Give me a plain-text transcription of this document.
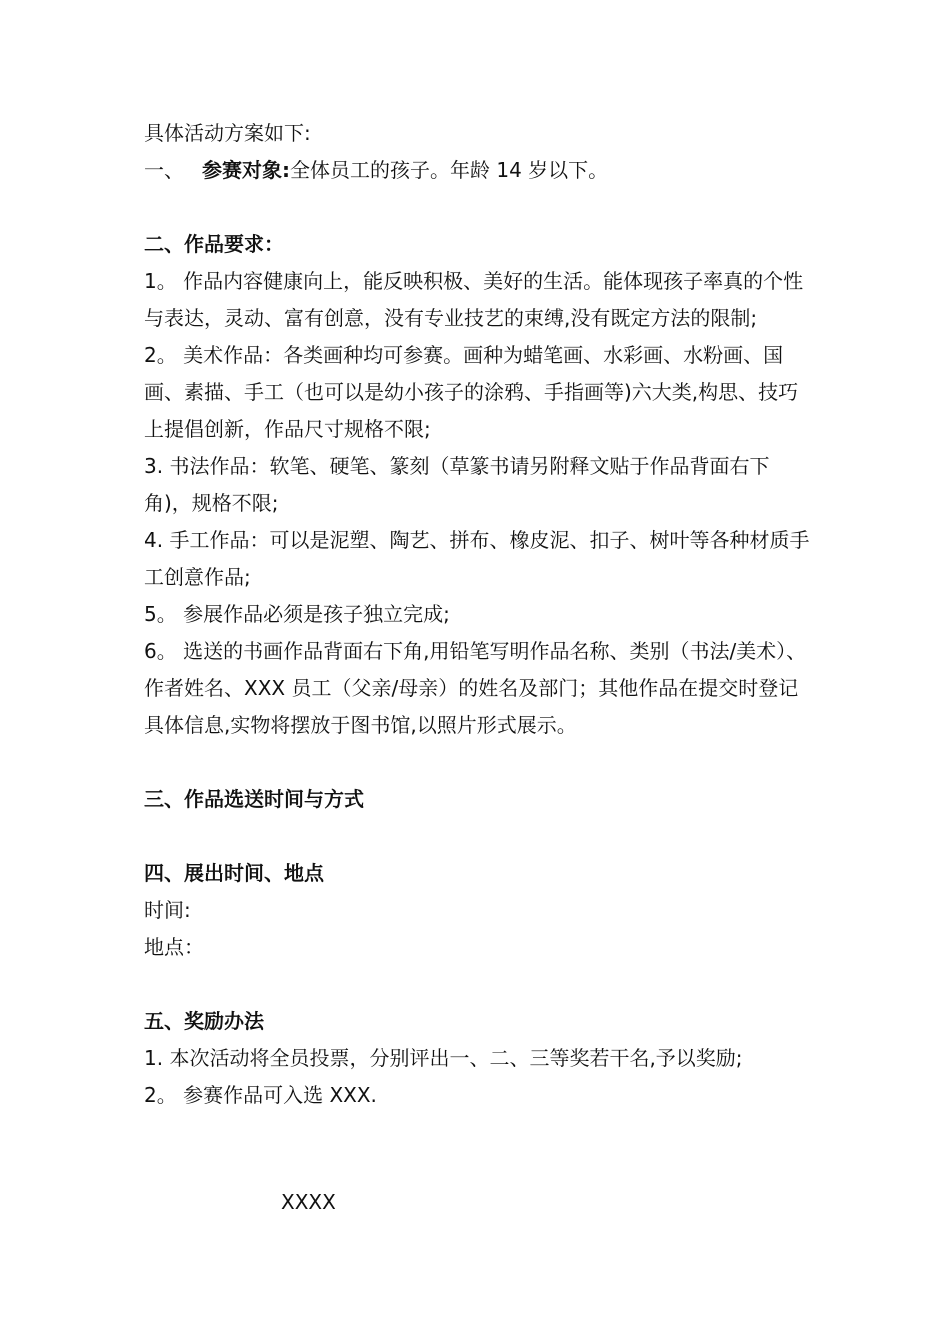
具体活动方案如下:

一、 参赛对象:全体员工的孩子。年龄 14 岁以下。

二、作品要求：

1。 作品内容健康向上，能反映积极、美好的生活。能体现孩子率真的个性与表达，灵动、富有创意，没有专业技艺的束缚,没有既定方法的限制;

2。 美术作品：各类画种均可参赛。画种为蜡笔画、水彩画、水粉画、国画、素描、手工（也可以是幼小孩子的涂鸦、手指画等)六大类,构思、技巧上提倡创新，作品尺寸规格不限;

3. 书法作品：软笔、硬笔、篆刻（草篆书请另附释文贴于作品背面右下角)，规格不限;

4. 手工作品：可以是泥塑、陶艺、拼布、橡皮泥、扣子、树叶等各种材质手工创意作品;

5。 参展作品必须是孩子独立完成;

6。 选送的书画作品背面右下角,用铅笔写明作品名称、类别（书法/美术）、作者姓名、XXX 员工（父亲/母亲）的姓名及部门；其他作品在提交时登记具体信息,实物将摆放于图书馆,以照片形式展示。

三、作品选送时间与方式

四、展出时间、地点

时间:

地点：

五、奖励办法

1. 本次活动将全员投票，分别评出一、二、三等奖若干名,予以奖励;

2。 参赛作品可入选 XXX.

XXXX
